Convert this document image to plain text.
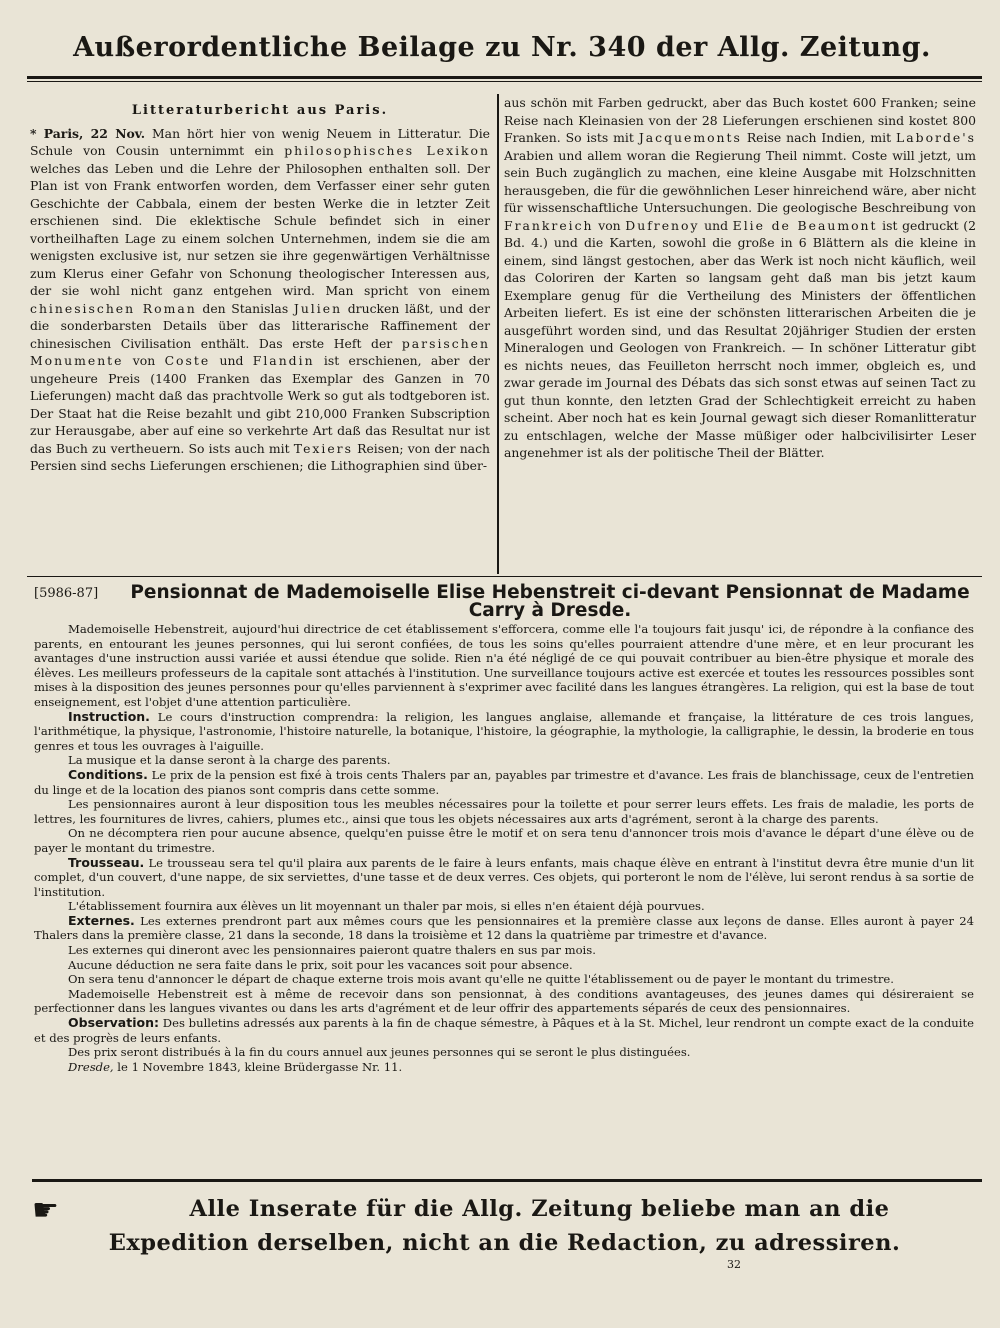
Außerordentliche Beilage zu Nr. 340 der Allg. Zeitung.
Litteraturbericht aus Paris.

* Paris, 22 Nov. Man hört hier von wenig Neuem in Litteratur. Die Schule von Cousin unternimmt ein philosophisches Lexikon welches das Leben und die Lehre der Philosophen enthalten soll. Der Plan ist von Frank entworfen worden, dem Verfasser einer sehr guten Geschichte der Cabbala, einem der besten Werke die in letzter Zeit erschienen sind. Die eklektische Schule befindet sich in einer vortheilhaften Lage zu einem solchen Unternehmen, indem sie die am wenigsten exclusive ist, nur setzen sie ihre gegenwärtigen Verhältnisse zum Klerus einer Gefahr von Schonung theologischer Interessen aus, der sie wohl nicht ganz entgehen wird. Man spricht von einem chinesischen Roman den Stanislas Julien drucken läßt, und der die sonderbarsten Details über das litterarische Raffinement der chinesischen Civilisation enthält. Das erste Heft der parsischen Monumente von Coste und Flandin ist erschienen, aber der ungeheure Preis (1400 Franken das Exemplar des Ganzen in 70 Lieferungen) macht daß das prachtvolle Werk so gut als todtgeboren ist. Der Staat hat die Reise bezahlt und gibt 210,000 Franken Subscription zur Herausgabe, aber auf eine so verkehrte Art daß das Resultat nur ist das Buch zu vertheuern. So ists auch mit Texiers Reisen; von der nach Persien sind sechs Lieferungen erschienen; die Lithographien sind über-

aus schön mit Farben gedruckt, aber das Buch kostet 600 Franken; seine Reise nach Kleinasien von der 28 Lieferungen erschienen sind kostet 800 Franken. So ists mit Jacquemonts Reise nach Indien, mit Laborde's Arabien und allem woran die Regierung Theil nimmt. Coste will jetzt, um sein Buch zugänglich zu machen, eine kleine Ausgabe mit Holzschnitten herausgeben, die für die gewöhnlichen Leser hinreichend wäre, aber nicht für wissenschaftliche Untersuchungen. Die geologische Beschreibung von Frankreich von Dufrenoy und Elie de Beaumont ist gedruckt (2 Bd. 4.) und die Karten, sowohl die große in 6 Blättern als die kleine in einem, sind längst gestochen, aber das Werk ist noch nicht käuflich, weil das Coloriren der Karten so langsam geht daß man bis jetzt kaum Exemplare genug für die Vertheilung des Ministers der öffentlichen Arbeiten liefert. Es ist eine der schönsten litterarischen Arbeiten die je ausgeführt worden sind, und das Resultat 20jähriger Studien der ersten Mineralogen und Geologen von Frankreich. — In schöner Litteratur gibt es nichts neues, das Feuilleton herrscht noch immer, obgleich es, und zwar gerade im Journal des Débats das sich sonst etwas auf seinen Tact zu gut thun konnte, den letzten Grad der Schlechtigkeit erreicht zu haben scheint. Aber noch hat es kein Journal gewagt sich dieser Romanlitteratur zu entschlagen, welche der Masse müßiger oder halbcivilisirter Leser angenehmer ist als der politische Theil der Blätter.

[5986-87]	Pensionnat de Mademoiselle Elise Hebenstreit ci-devant Pensionnat de Madame Carry à Dresde.

Mademoiselle Hebenstreit, aujourd'hui directrice de cet établissement s'efforcera, comme elle l'a toujours fait jusqu' ici, de répondre à la confiance des parents, en entourant les jeunes personnes, qui lui seront confiées, de tous les soins qu'elles pourraient attendre d'une mère, et en leur procurant les avantages d'une instruction aussi variée et aussi étendue que solide. Rien n'a été négligé de ce qui pouvait contribuer au bien-être physique et morale des élèves. Les meilleurs professeurs de la capitale sont attachés à l'institution. Une surveillance toujours active est exercée et toutes les ressources possibles sont mises à la disposition des jeunes personnes pour qu'elles parviennent à s'exprimer avec facilité dans les langues étrangères. La religion, qui est la base de tout enseignement, est l'objet d'une attention particulière.

Instruction. Le cours d'instruction comprendra: la religion, les langues anglaise, allemande et française, la littérature de ces trois langues, l'arithmétique, la physique, l'astronomie, l'histoire naturelle, la botanique, l'histoire, la géographie, la mythologie, la calligraphie, le dessin, la broderie en tous genres et tous les ouvrages à l'aiguille.

La musique et la danse seront à la charge des parents.

Conditions. Le prix de la pension est fixé à trois cents Thalers par an, payables par trimestre et d'avance. Les frais de blanchissage, ceux de l'entretien du linge et de la location des pianos sont compris dans cette somme.

Les pensionnaires auront à leur disposition tous les meubles nécessaires pour la toilette et pour serrer leurs effets. Les frais de maladie, les ports de lettres, les fournitures de livres, cahiers, plumes etc., ainsi que tous les objets nécessaires aux arts d'agrément, seront à la charge des parents.

On ne décomptera rien pour aucune absence, quelqu'en puisse être le motif et on sera tenu d'annoncer trois mois d'avance le départ d'une élève ou de payer le montant du trimestre.

Trousseau. Le trousseau sera tel qu'il plaira aux parents de le faire à leurs enfants, mais chaque élève en entrant à l'institut devra être munie d'un lit complet, d'un couvert, d'une nappe, de six serviettes, d'une tasse et de deux verres. Ces objets, qui porteront le nom de l'élève, lui seront rendus à sa sortie de l'institution.

L'établissement fournira aux élèves un lit moyennant un thaler par mois, si elles n'en étaient déjà pourvues.

Externes. Les externes prendront part aux mêmes cours que les pensionnaires et la première classe aux leçons de danse. Elles auront à payer 24 Thalers dans la première classe, 21 dans la seconde, 18 dans la troisième et 12 dans la quatrième par trimestre et d'avance.

Les externes qui dineront avec les pensionnaires paieront quatre thalers en sus par mois.

Aucune déduction ne sera faite dans le prix, soit pour les vacances soit pour absence.

On sera tenu d'annoncer le départ de chaque externe trois mois avant qu'elle ne quitte l'établissement ou de payer le montant du trimestre.

Mademoiselle Hebenstreit est à même de recevoir dans son pensionnat, à des conditions avantageuses, des jeunes dames qui désireraient se perfectionner dans les langues vivantes ou dans les arts d'agrément et de leur offrir des appartements séparés de ceux des pensionnaires.

Observation: Des bulletins adressés aux parents à la fin de chaque sémestre, à Pâques et à la St. Michel, leur rendront un compte exact de la conduite et des progrès de leurs enfants.

Des prix seront distribués à la fin du cours annuel aux jeunes personnes qui se seront le plus distinguées.

Dresde, le 1 Novembre 1843, kleine Brüdergasse Nr. 11.

☛	Alle Inserate für die Allg. Zeitung beliebe man an die
Expedition derselben, nicht an die Redaction, zu adressiren.
32
